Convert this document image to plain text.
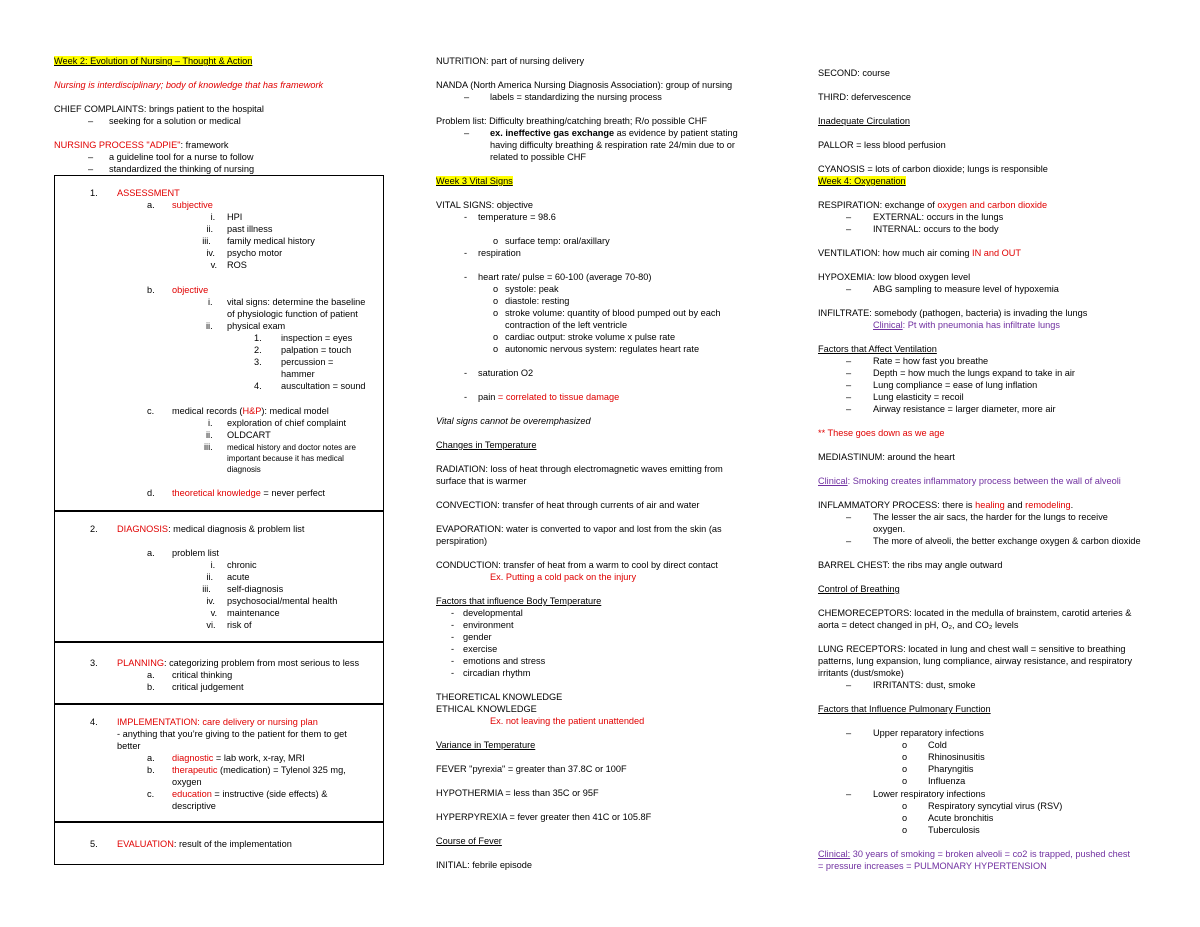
Week 2: Evolution of Nursing – Thought & Action
Nursing is interdisciplinary; body of knowledge that has framework
CHIEF COMPLAINTS: brings patient to the hospital
– seeking for a solution or medical
NURSING PROCESS "ADPIE": framework
– a guideline tool for a nurse to follow
– standardized the thinking of nursing
1. ASSESSMENT
a. subjective
i. HPI
ii. past illness
iii. family medical history
iv. psycho motor
v. ROS
b. objective
i. vital signs: determine the baseline
of physiologic function of patient
ii. physical exam
1. inspection = eyes
2. palpation = touch
3. percussion =
hammer
4. auscultation = sound
c. medical records (H&P): medical model
i. exploration of chief complaint
ii. OLDCART
iii. medical history and doctor notes are
important because it has medical
diagnosis
d. theoretical knowledge = never perfect
2. DIAGNOSIS: medical diagnosis & problem list
a. problem list
i. chronic
ii. acute
iii. self-diagnosis
iv. psychosocial/mental health
v. maintenance
vi. risk of
3. PLANNING: categorizing problem from most serious to less
a. critical thinking
b. critical judgement
4. IMPLEMENTATION: care delivery or nursing plan
- anything that you’re giving to the patient for them to get
better
a. diagnostic = lab work, x-ray, MRI
b. therapeutic (medication) = Tylenol 325 mg,
oxygen
c. education = instructive (side effects) &
descriptive
5. EVALUATION: result of the implementation
NUTRITION: part of nursing delivery
NANDA (North America Nursing Diagnosis Association): group of nursing
– labels = standardizing the nursing process
Problem list: Difficulty breathing/catching breath; R/o possible CHF
– ex. ineffective gas exchange as evidence by patient stating
having difficulty breathing & respiration rate 24/min due to or
related to possible CHF
Week 3 Vital Signs
VITAL SIGNS: objective
- temperature = 98.6
o surface temp: oral/axillary
- respiration
- heart rate/ pulse = 60-100 (average 70-80)
o systole: peak
o diastole: resting
o stroke volume: quantity of blood pumped out by each
contraction of the left ventricle
o cardiac output: stroke volume x pulse rate
o autonomic nervous system: regulates heart rate
- saturation O2
- pain = correlated to tissue damage
Vital signs cannot be overemphasized
Changes in Temperature
RADIATION: loss of heat through electromagnetic waves emitting from
surface that is warmer
CONVECTION: transfer of heat through currents of air and water
EVAPORATION: water is converted to vapor and lost from the skin (as
perspiration)
CONDUCTION: transfer of heat from a warm to cool by direct contact
Ex. Putting a cold pack on the injury
Factors that influence Body Temperature
- developmental
- environment
- gender
- exercise
- emotions and stress
- circadian rhythm
THEORETICAL KNOWLEDGE
ETHICAL KNOWLEDGE
Ex. not leaving the patient unattended
Variance in Temperature
FEVER "pyrexia" = greater than 37.8C or 100F
HYPOTHERMIA = less than 35C or 95F
HYPERPYREXIA = fever greater then 41C or 105.8F
Course of Fever
INITIAL: febrile episode
SECOND: course
THIRD: defervescence
Inadequate Circulation
PALLOR = less blood perfusion
CYANOSIS = lots of carbon dioxide; lungs is responsible
Week 4: Oxygenation
RESPIRATION: exchange of oxygen and carbon dioxide
– EXTERNAL: occurs in the lungs
– INTERNAL: occurs to the body
VENTILATION: how much air coming IN and OUT
HYPOXEMIA: low blood oxygen level
– ABG sampling to measure level of hypoxemia
INFILTRATE: somebody (pathogen, bacteria) is invading the lungs
Clinical: Pt with pneumonia has infiltrate lungs
Factors that Affect Ventilation
– Rate = how fast you breathe
– Depth = how much the lungs expand to take in air
– Lung compliance = ease of lung inflation
– Lung elasticity = recoil
– Airway resistance = larger diameter, more air
** These goes down as we age
MEDIASTINUM: around the heart
Clinical: Smoking creates inflammatory process between the wall of alveoli
INFLAMMATORY PROCESS: there is healing and remodeling.
– The lesser the air sacs, the harder for the lungs to receive
oxygen.
– The more of alveoli, the better exchange oxygen & carbon dioxide
BARREL CHEST: the ribs may angle outward
Control of Breathing
CHEMORECEPTORS: located in the medulla of brainstem, carotid arteries &
aorta = detect changed in pH, O₂, and CO₂ levels
LUNG RECEPTORS: located in lung and chest wall = sensitive to breathing
patterns, lung expansion, lung compliance, airway resistance, and respiratory
irritants (dust/smoke)
– IRRITANTS: dust, smoke
Factors that Influence Pulmonary Function
– Upper reparatory infections
o Cold
o Rhinosinusitis
o Pharyngitis
o Influenza
– Lower respiratory infections
o Respiratory syncytial virus (RSV)
o Acute bronchitis
o Tuberculosis
Clinical: 30 years of smoking = broken alveoli = co2 is trapped, pushed chest
= pressure increases = PULMONARY HYPERTENSION
